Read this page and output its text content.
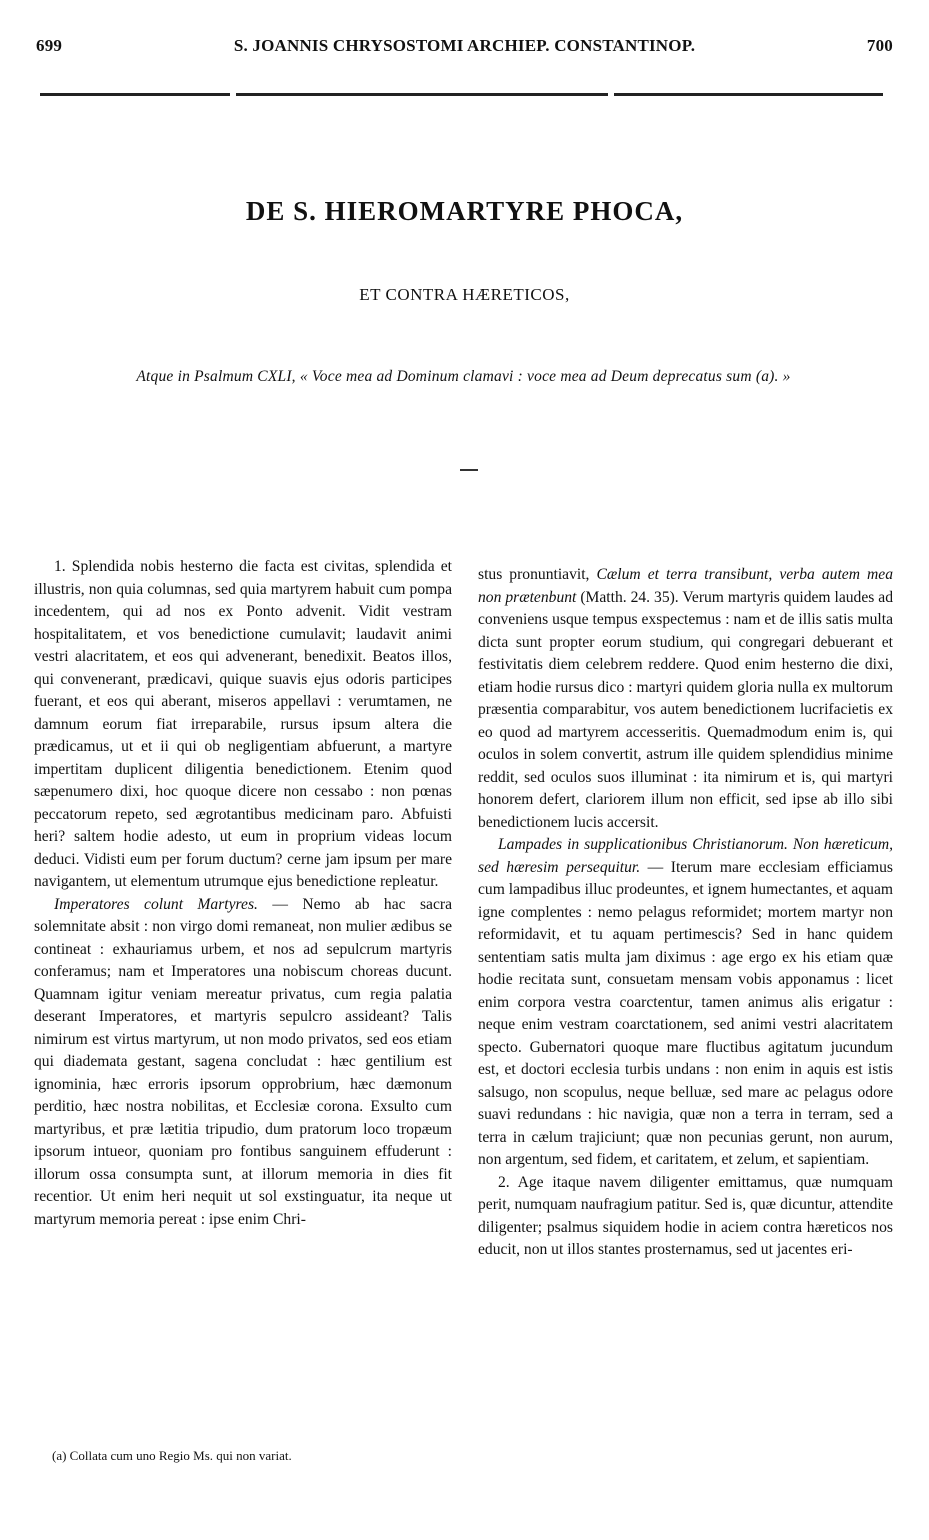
699	S. JOANNIS CHRYSOSTOMI ARCHIEP. CONSTANTINOP.	700
DE S. HIEROMARTYRE PHOCA,
ET CONTRA HÆRETICOS,
Atque in Psalmum CXLI, « Voce mea ad Dominum clamavi : voce mea ad Deum deprecatus sum (a). »

1. Splendida nobis hesterno die facta est civitas, splendida et illustris, non quia columnas, sed quia martyrem habuit cum pompa incedentem, qui ad nos ex Ponto advenit. Vidit vestram hospitalitatem, et vos benedictione cumulavit; laudavit animi vestri alacritatem, et eos qui advenerant, benedixit. Beatos illos, qui convenerant, prædicavi, quique suavis ejus odoris participes fuerant, et eos qui aberant, miseros appellavi : verumtamen, ne damnum eorum fiat irreparabile, rursus ipsum altera die prædicamus, ut et ii qui ob negligentiam abfuerunt, a martyre impertitam duplicent diligentia benedictionem. Etenim quod sæpenumero dixi, hoc quoque dicere non cessabo : non pœnas peccatorum repeto, sed ægrotantibus medicinam paro. Abfuisti heri? saltem hodie adesto, ut eum in proprium videas locum deduci. Vidisti eum per forum ductum? cerne jam ipsum per mare navigantem, ut elementum utrumque ejus benedictione repleatur.

Imperatores colunt Martyres. — Nemo ab hac sacra solemnitate absit : non virgo domi remaneat, non mulier ædibus se contineat : exhauriamus urbem, et nos ad sepulcrum martyris conferamus; nam et Imperatores una nobiscum choreas ducunt. Quamnam igitur veniam mereatur privatus, cum regia palatia deserant Imperatores, et martyris sepulcro assideant? Talis nimirum est virtus martyrum, ut non modo privatos, sed eos etiam qui diademata gestant, sagena concludat : hæc gentilium est ignominia, hæc erroris ipsorum opprobrium, hæc dæmonum perditio, hæc nostra nobilitas, et Ecclesiæ corona. Exsulto cum martyribus, et præ lætitia tripudio, dum pratorum loco tropæum ipsorum intueor, quoniam pro fontibus sanguinem effuderunt : illorum ossa consumpta sunt, at illorum memoria in dies fit recentior. Ut enim heri nequit ut sol exstinguatur, ita neque ut martyrum memoria pereat : ipse enim Chri-

stus pronuntiavit, Cælum et terra transibunt, verba autem mea non prætenbunt (Matth. 24. 35). Verum martyris quidem laudes ad conveniens usque tempus exspectemus : nam et de illis satis multa dicta sunt propter eorum studium, qui congregari debuerant et festivitatis diem celebrem reddere. Quod enim hesterno die dixi, etiam hodie rursus dico : martyri quidem gloria nulla ex multorum præsentia comparabitur, vos autem benedictionem lucrifacietis ex eo quod ad martyrem accesseritis. Quemadmodum enim is, qui oculos in solem convertit, astrum ille quidem splendidius minime reddit, sed oculos suos illuminat : ita nimirum et is, qui martyri honorem defert, clariorem illum non efficit, sed ipse ab illo sibi benedictionem lucis accersit.

Lampades in supplicationibus Christianorum. Non hæreticum, sed hæresim persequitur. — Iterum mare ecclesiam efficiamus cum lampadibus illuc prodeuntes, et ignem humectantes, et aquam igne complentes : nemo pelagus reformidet; mortem martyr non reformidavit, et tu aquam pertimescis? Sed in hanc quidem sententiam satis multa jam diximus : age ergo ex his etiam quæ hodie recitata sunt, consuetam mensam vobis apponamus : licet enim corpora vestra coarctentur, tamen animus alis erigatur : neque enim vestram coarctationem, sed animi vestri alacritatem specto. Gubernatori quoque mare fluctibus agitatum jucundum est, et doctori ecclesia turbis undans : non enim in aquis est istis salsugo, non scopulus, neque belluæ, sed mare ac pelagus odore suavi redundans : hic navigia, quæ non a terra in terram, sed a terra in cælum trajiciunt; quæ non pecunias gerunt, non aurum, non argentum, sed fidem, et caritatem, et zelum, et sapientiam.

2. Age itaque navem diligenter emittamus, quæ numquam perit, numquam naufragium patitur. Sed is, quæ dicuntur, attendite diligenter; psalmus siquidem hodie in aciem contra hæreticos nos educit, non ut illos stantes prosternamus, sed ut jacentes eri-

(a) Collata cum uno Regio Ms. qui non variat.
